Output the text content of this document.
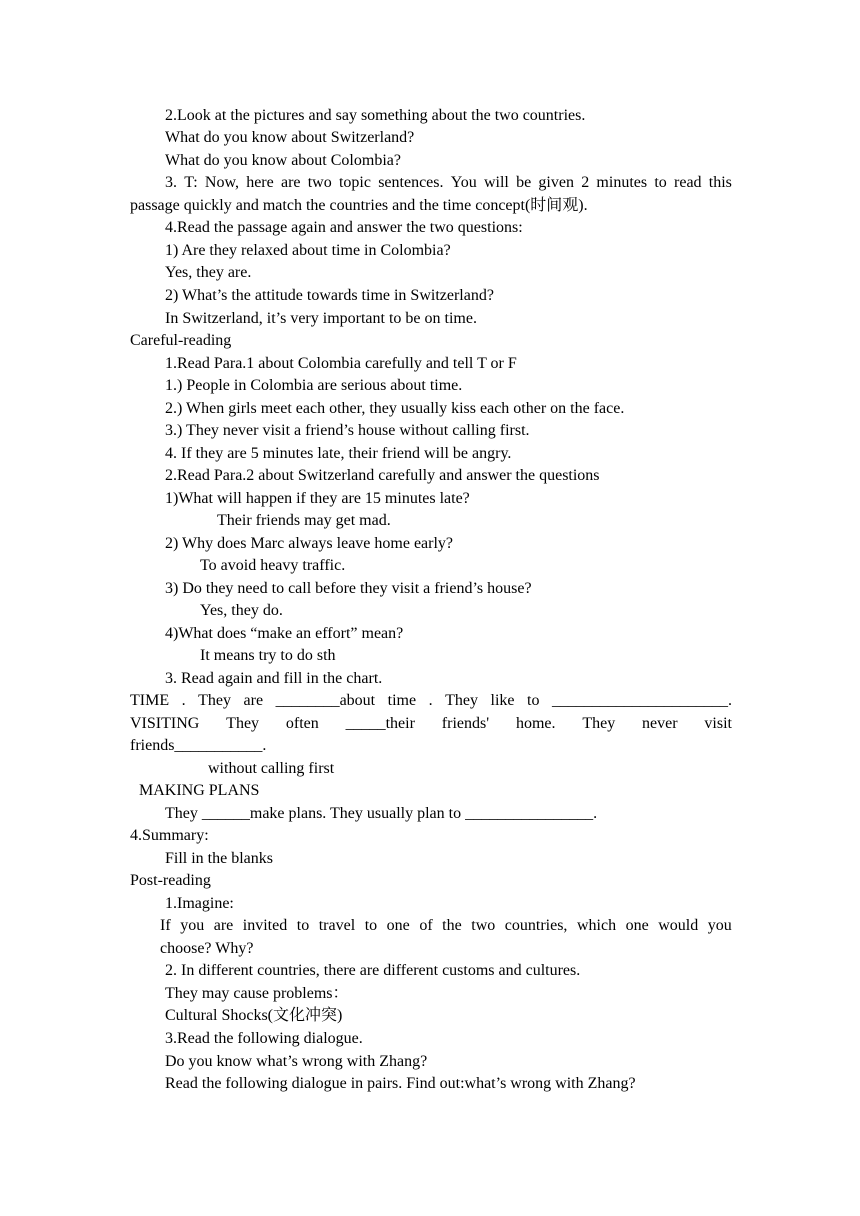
2.Look at the pictures and say something about the two countries.
What do you know about Switzerland?
What do you know about Colombia?
3. T: Now, here are two topic sentences. You will be given 2 minutes to read this
passage quickly and match the countries and the time concept(时间观).
4.Read the passage again and answer the two questions:
1) Are they relaxed about time in Colombia?
Yes, they are.
2) What’s the attitude towards time in Switzerland?
In Switzerland, it’s very important to be on time.
Careful-reading
1.Read Para.1 about Colombia carefully and tell T or F
1.) People in Colombia are serious about time.
2.) When girls meet each other, they usually kiss each other on the face.
3.) They never visit a friend’s house without calling first.
4. If they are 5 minutes late, their friend will be angry.
2.Read Para.2 about Switzerland carefully and answer the questions
1)What will happen if they are 15 minutes late?
Their friends may get mad.
2) Why does Marc always leave home early?
To avoid heavy traffic.
3) Do they need to call before they visit a friend’s house?
Yes, they do.
4)What does “make an effort” mean?
It means try to do sth
3. Read again and fill in the chart.
TIME . They are ________about time . They like to ______________________.
VISITING They often _____their friends' home. They never visit
friends___________.
without calling first
MAKING PLANS
They ______make plans. They usually plan to ________________.
4.Summary:
Fill in the blanks
Post-reading
1.Imagine:
If you are invited to travel to one of the two countries, which one would you
choose? Why?
2. In different countries, there are different customs and cultures.
They may cause problems：
Cultural Shocks(文化冲突)
3.Read the following dialogue.
Do you know what’s wrong with Zhang?
Read the following dialogue in pairs. Find out:what’s wrong with Zhang?
